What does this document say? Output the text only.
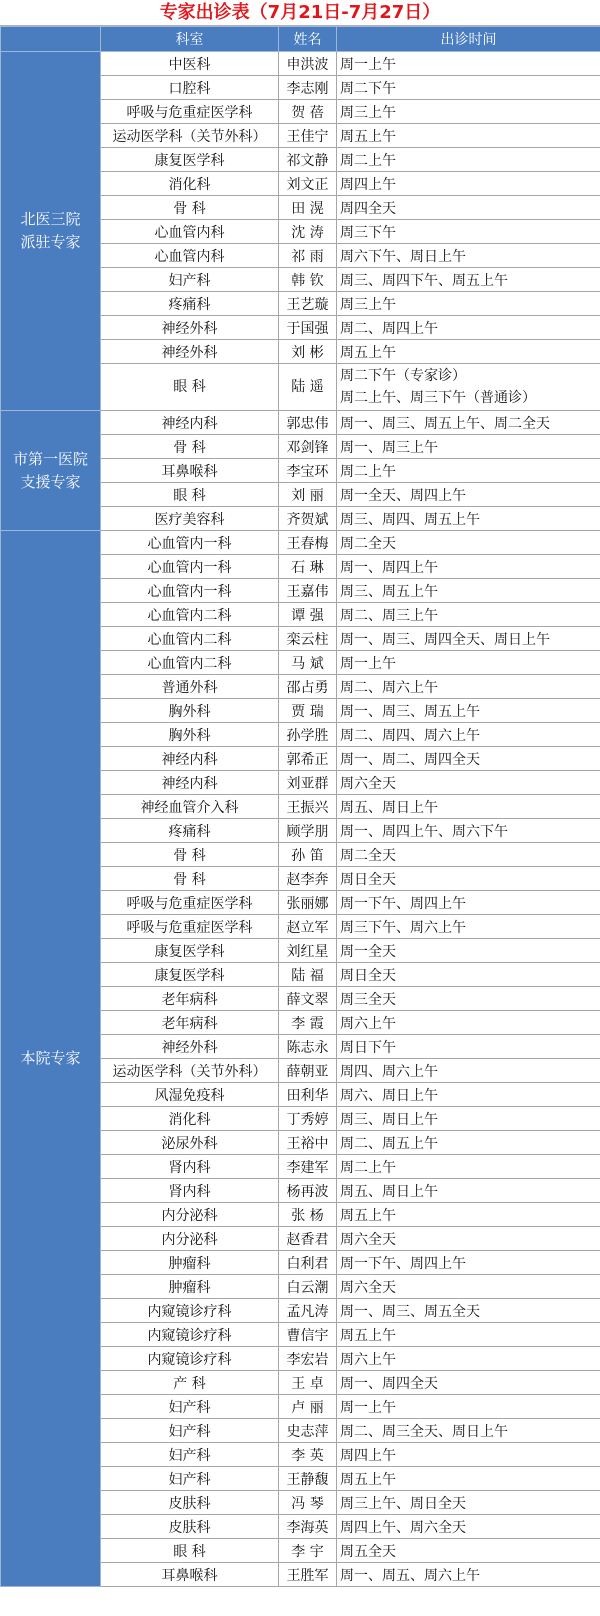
专家出诊表（7月21日-7月27日）
	科室	姓名	出诊时间

北医三院
派驻专家	中医科	申洪波	周一上午

	口腔科	李志刚	周二下午

	呼吸与危重症医学科	贺 蓓	周三上午

	运动医学科（关节外科）	王佳宁	周五上午

	康复医学科	祁文静	周二上午

	消化科	刘文正	周四上午

	骨 科	田 滉	周四全天

	心血管内科	沈 涛	周三下午

	心血管内科	祁 雨	周六下午、周日上午

	妇产科	韩 钦	周三、周四下午、周五上午

	疼痛科	王艺璇	周三上午

	神经外科	于国强	周二、周四上午

	神经外科	刘 彬	周五上午

	眼 科	陆 遥	周二下午（专家诊）
周二上午、周三下午（普通诊）

市第一医院
支援专家	神经内科	郭忠伟	周一、周三、周五上午、周二全天

	骨 科	邓剑锋	周一、周三上午

	耳鼻喉科	李宝环	周二上午

	眼 科	刘 丽	周一全天、周四上午

	医疗美容科	齐贺斌	周三、周四、周五上午

本院专家	心血管内一科	王春梅	周二全天

	心血管内一科	石 琳	周一、周四上午

	心血管内一科	王嘉伟	周三、周五上午

	心血管内二科	谭 强	周二、周三上午

	心血管内二科	栾云柱	周一、周三、周四全天、周日上午

	心血管内二科	马 斌	周一上午

	普通外科	邵占勇	周二、周六上午

	胸外科	贾 瑞	周一、周三、周五上午

	胸外科	孙学胜	周二、周四、周六上午

	神经内科	郭希正	周一、周二、周四全天

	神经内科	刘亚群	周六全天

	神经血管介入科	王振兴	周五、周日上午

	疼痛科	顾学朋	周一、周四上午、周六下午

	骨 科	孙 笛	周二全天

	骨 科	赵李奔	周日全天

	呼吸与危重症医学科	张丽娜	周一下午、周四上午

	呼吸与危重症医学科	赵立军	周三下午、周六上午

	康复医学科	刘红星	周一全天

	康复医学科	陆 福	周日全天

	老年病科	薛文翠	周三全天

	老年病科	李 霞	周六上午

	神经外科	陈志永	周日下午

	运动医学科（关节外科）	薛朝亚	周四、周六上午

	风湿免疫科	田利华	周六、周日上午

	消化科	丁秀婷	周三、周日上午

	泌尿外科	王裕中	周二、周五上午

	肾内科	李建军	周二上午

	肾内科	杨再波	周五、周日上午

	内分泌科	张 杨	周五上午

	内分泌科	赵香君	周六全天

	肿瘤科	白利君	周一下午、周四上午

	肿瘤科	白云潮	周六全天

	内窥镜诊疗科	孟凡涛	周一、周三、周五全天

	内窥镜诊疗科	曹信宇	周五上午

	内窥镜诊疗科	李宏岩	周六上午

	产 科	王 卓	周一、周四全天

	妇产科	卢 丽	周一上午

	妇产科	史志萍	周二、周三全天、周日上午

	妇产科	李 英	周四上午

	妇产科	王静馥	周五上午

	皮肤科	冯 琴	周三上午、周日全天

	皮肤科	李海英	周四上午、周六全天

	眼 科	李 宇	周五全天

	耳鼻喉科	王胜军	周一、周五、周六上午
